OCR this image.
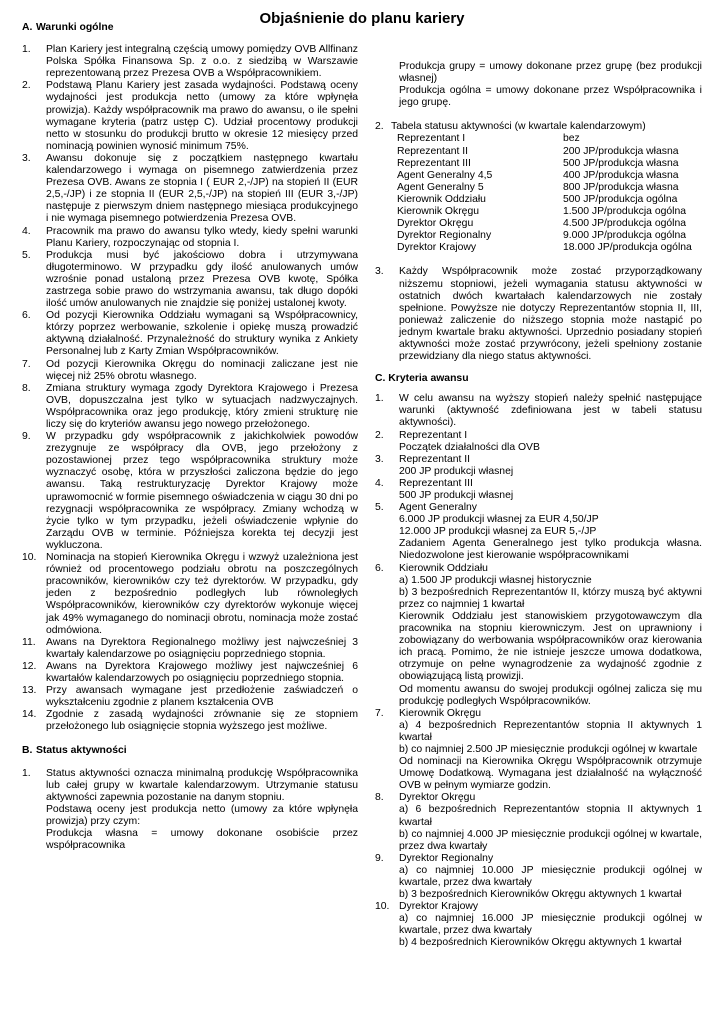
Objaśnienie do planu kariery
A. Warunki ogólne
1. Plan Kariery jest integralną częścią umowy pomiędzy OVB Allfinanz Polska Spółka Finansowa Sp. z o.o. z siedzibą w Warszawie reprezentowaną przez Prezesa OVB a Współpracownikiem.
2. Podstawą Planu Kariery jest zasada wydajności. Podstawą oceny wydajności jest produkcja netto (umowy za które wpłynęła prowizja). Każdy współpracownik ma prawo do awansu, o ile spełni wymagane kryteria (patrz ustęp C). Udział procentowy produkcji netto w stosunku do produkcji brutto w okresie 12 miesięcy przed nominacją powinien wynosić minimum 75%.
3. Awansu dokonuje się z początkiem następnego kwartału kalendarzowego i wymaga on pisemnego zatwierdzenia przez Prezesa OVB. Awans ze stopnia I ( EUR 2,-/JP) na stopień II (EUR 2,5,-/JP) i ze stopnia II (EUR 2,5,-/JP) na stopień III (EUR 3,-/JP) następuje z pierwszym dniem następnego miesiąca produkcyjnego i nie wymaga pisemnego potwierdzenia Prezesa OVB.
4. Pracownik ma prawo do awansu tylko wtedy, kiedy spełni warunki Planu Kariery, rozpoczynając od stopnia I.
5. Produkcja musi być jakościowo dobra i utrzymywana długoterminowo. W przypadku gdy ilość anulowanych umów wzrośnie ponad ustaloną przez Prezesa OVB kwotę, Spółka zastrzega sobie prawo do wstrzymania awansu, tak długo dopóki ilość umów anulowanych nie znajdzie się poniżej ustalonej kwoty.
6. Od pozycji Kierownika Oddziału wymagani są Współpracownicy, którzy poprzez werbowanie, szkolenie i opiekę muszą prowadzić aktywną działalność. Przynależność do struktury wynika z Ankiety Personalnej lub z Karty Zmian Współpracowników.
7. Od pozycji Kierownika Okręgu do nominacji zaliczane jest nie więcej niż 25% obrotu własnego.
8. Zmiana struktury wymaga zgody Dyrektora Krajowego i Prezesa OVB, dopuszczalna jest tylko w sytuacjach nadzwyczajnych. Współpracownika oraz jego produkcję, który zmieni strukturę nie liczy się do kryteriów awansu jego nowego przełożonego.
9. W przypadku gdy współpracownik z jakichkolwiek powodów zrezygnuje ze współpracy dla OVB, jego przełożony z pozostawionej przez tego współpracownika struktury może wyznaczyć osobę, która w przyszłości zaliczona będzie do jego awansu. Taką restrukturyzację Dyrektor Krajowy może uprawomocnić w formie pisemnego oświadczenia w ciągu 30 dni po rezygnacji współpracownika ze współpracy. Zmiany wchodzą w życie tylko w tym przypadku, jeżeli oświadczenie wpłynie do Zarządu OVB w terminie. Późniejsza korekta tej decyzji jest wykluczona.
10. Nominacja na stopień Kierownika Okręgu i wzwyż uzależniona jest również od procentowego podziału obrotu na poszczególnych pracowników, kierowników czy też dyrektorów. W przypadku, gdy jeden z bezpośrednio podległych lub równoległych Współpracowników, kierowników czy dyrektorów wykonuje więcej jak 49% wymaganego do nominacji obrotu, nominacja może zostać odmówiona.
11. Awans na Dyrektora Regionalnego możliwy jest najwcześniej 3 kwartały kalendarzowe po osiągnięciu poprzedniego stopnia.
12. Awans na Dyrektora Krajowego możliwy jest najwcześniej 6 kwartałów kalendarzowych po osiągnięciu poprzedniego stopnia.
13. Przy awansach wymagane jest przedłożenie zaświadczeń o wykształceniu zgodnie z planem kształcenia OVB
14. Zgodnie z zasadą wydajności zrównanie się ze stopniem przełożonego lub osiągnięcie stopnia wyższego jest możliwe.
B. Status aktywności
1. Status aktywności oznacza minimalną produkcję Współpracownika lub całej grupy w kwartale kalendarzowym. Utrzymanie statusu aktywności zapewnia pozostanie na danym stopniu.
Podstawą oceny jest produkcja netto (umowy za które wpłynęła prowizja) przy czym:
Produkcja własna = umowy dokonane osobiście przez współpracownika
Produkcja grupy = umowy dokonane przez grupę (bez produkcji własnej)
Produkcja ogólna = umowy dokonane przez Współpracownika i jego grupę.
2. Tabela statusu aktywności (w kwartale kalendarzowym)
Reprezentant I	bez
Reprezentant II	200 JP/produkcja własna
Reprezentant III	500 JP/produkcja własna
Agent Generalny 4,5	400 JP/produkcja własna
Agent Generalny 5	800 JP/produkcja własna
Kierownik Oddziału	500 JP/produkcja ogólna
Kierownik Okręgu	1.500 JP/produkcja ogólna
Dyrektor Okręgu	4.500 JP/produkcja ogólna
Dyrektor Regionalny	9.000 JP/produkcja ogólna
Dyrektor Krajowy	18.000 JP/produkcja ogólna
3. Każdy Współpracownik może zostać przyporządkowany niższemu stopniowi, jeżeli wymagania statusu aktywności w ostatnich dwóch kwartałach kalendarzowych nie zostały spełnione. Powyższe nie dotyczy Reprezentantów stopnia II, III, ponieważ zaliczenie do niższego stopnia może nastąpić po jednym kwartale braku aktywności. Uprzednio posiadany stopień aktywności może zostać przywrócony, jeżeli spełniony zostanie przewidziany dla niego status aktywności.
C. Kryteria awansu
1. W celu awansu na wyższy stopień należy spełnić następujące warunki (aktywność zdefiniowana jest w tabeli statusu aktywności).
2. Reprezentant I
Początek działalności dla OVB
3. Reprezentant II
200 JP produkcji własnej
4. Reprezentant III
500 JP produkcji własnej
5. Agent Generalny
6.000 JP produkcji własnej za EUR 4,50/JP
12.000 JP produkcji własnej za EUR 5,-/JP
Zadaniem Agenta Generalnego jest tylko produkcja własna. Niedozwolone jest kierowanie współpracownikami
6. Kierownik Oddziału
a) 1.500 JP produkcji własnej historycznie
b) 3 bezpośrednich Reprezentantów II, którzy muszą być aktywni przez co najmniej 1 kwartał
Kierownik Oddziału jest stanowiskiem przygotowawczym dla pracownika na stopniu kierowniczym. Jest on uprawniony i zobowiązany do werbowania współpracowników oraz kierowania ich pracą. Pomimo, że nie istnieje jeszcze umowa dodatkowa, otrzymuje on pełne wynagrodzenie za wydajność zgodnie z obowiązującą listą prowizji.
Od momentu awansu do swojej produkcji ogólnej zalicza się mu produkcję podległych Współpracowników.
7. Kierownik Okręgu
a) 4 bezpośrednich Reprezentantów stopnia II aktywnych 1 kwartał
b) co najmniej 2.500 JP miesięcznie produkcji ogólnej w kwartale
Od nominacji na Kierownika Okręgu Współpracownik otrzymuje Umowę Dodatkową. Wymagana jest działalność na wyłączność OVB w pełnym wymiarze godzin.
8. Dyrektor Okręgu
a) 6 bezpośrednich Reprezentantów stopnia II aktywnych 1 kwartał
b) co najmniej 4.000 JP miesięcznie produkcji ogólnej w kwartale, przez dwa kwartały
9. Dyrektor Regionalny
a) co najmniej 10.000 JP miesięcznie produkcji ogólnej w kwartale, przez dwa kwartały
b) 3 bezpośrednich Kierowników Okręgu aktywnych 1 kwartał
10. Dyrektor Krajowy
a) co najmniej 16.000 JP miesięcznie produkcji ogólnej w kwartale, przez dwa kwartały
b) 4 bezpośrednich Kierowników Okręgu aktywnych 1 kwartał
